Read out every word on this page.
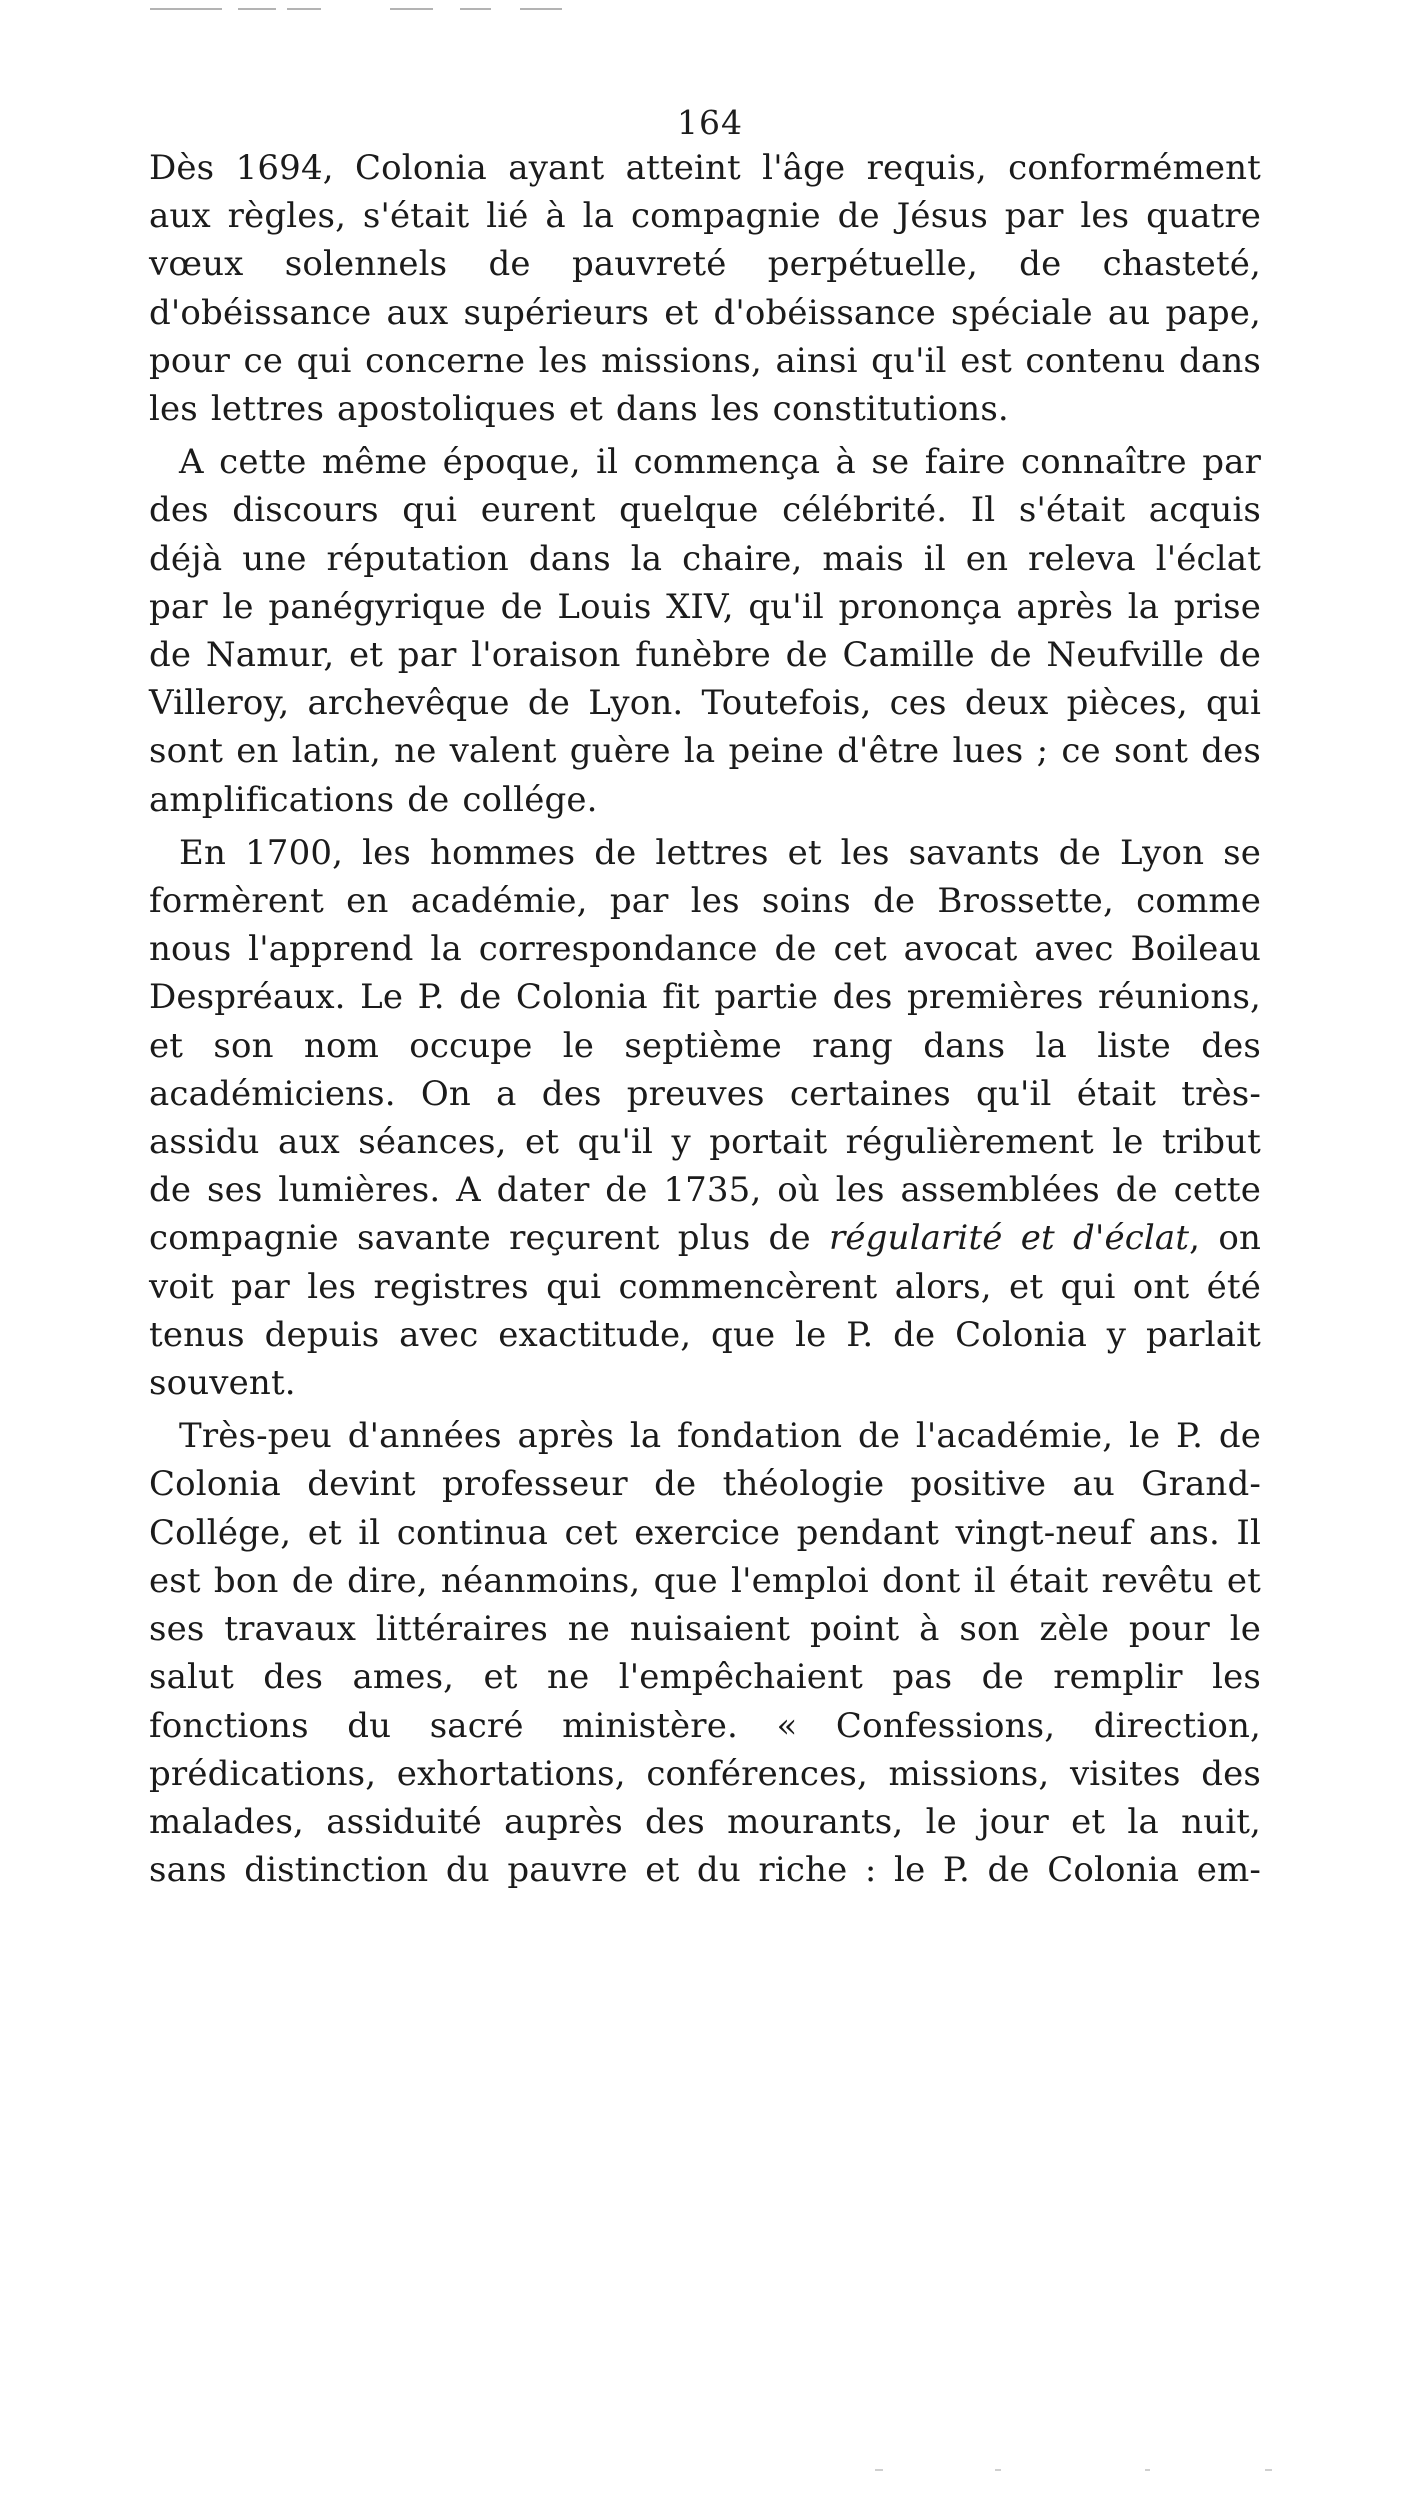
164

Dès 1694, Colonia ayant atteint l'âge requis, conformément aux règles, s'était lié à la compagnie de Jésus par les quatre vœux solennels de pauvreté perpétuelle, de chasteté, d'obéissance aux supérieurs et d'obéissance spéciale au pape, pour ce qui concerne les missions, ainsi qu'il est contenu dans les lettres apostoliques et dans les constitutions.

A cette même époque, il commença à se faire connaître par des discours qui eurent quelque célébrité. Il s'était acquis déjà une réputation dans la chaire, mais il en releva l'éclat par le panégyrique de Louis XIV, qu'il prononça après la prise de Namur, et par l'oraison funèbre de Camille de Neufville de Villeroy, archevêque de Lyon. Toutefois, ces deux pièces, qui sont en latin, ne valent guère la peine d'être lues ; ce sont des amplifications de collége.

En 1700, les hommes de lettres et les savants de Lyon se formèrent en académie, par les soins de Brossette, comme nous l'apprend la correspondance de cet avocat avec Boileau Despréaux. Le P. de Colonia fit partie des premières réunions, et son nom occupe le septième rang dans la liste des académiciens. On a des preuves certaines qu'il était très-assidu aux séances, et qu'il y portait régulièrement le tribut de ses lumières. A dater de 1735, où les assemblées de cette compagnie savante reçurent plus de régularité et d'éclat, on voit par les registres qui commencèrent alors, et qui ont été tenus depuis avec exactitude, que le P. de Colonia y parlait souvent.

Très-peu d'années après la fondation de l'académie, le P. de Colonia devint professeur de théologie positive au Grand-Collége, et il continua cet exercice pendant vingt-neuf ans. Il est bon de dire, néanmoins, que l'emploi dont il était revêtu et ses travaux littéraires ne nuisaient point à son zèle pour le salut des ames, et ne l'empêchaient pas de remplir les fonctions du sacré ministère. « Confessions, direction, prédications, exhortations, conférences, missions, visites des malades, assiduité auprès des mourants, le jour et la nuit, sans distinction du pauvre et du riche : le P. de Colonia em-
